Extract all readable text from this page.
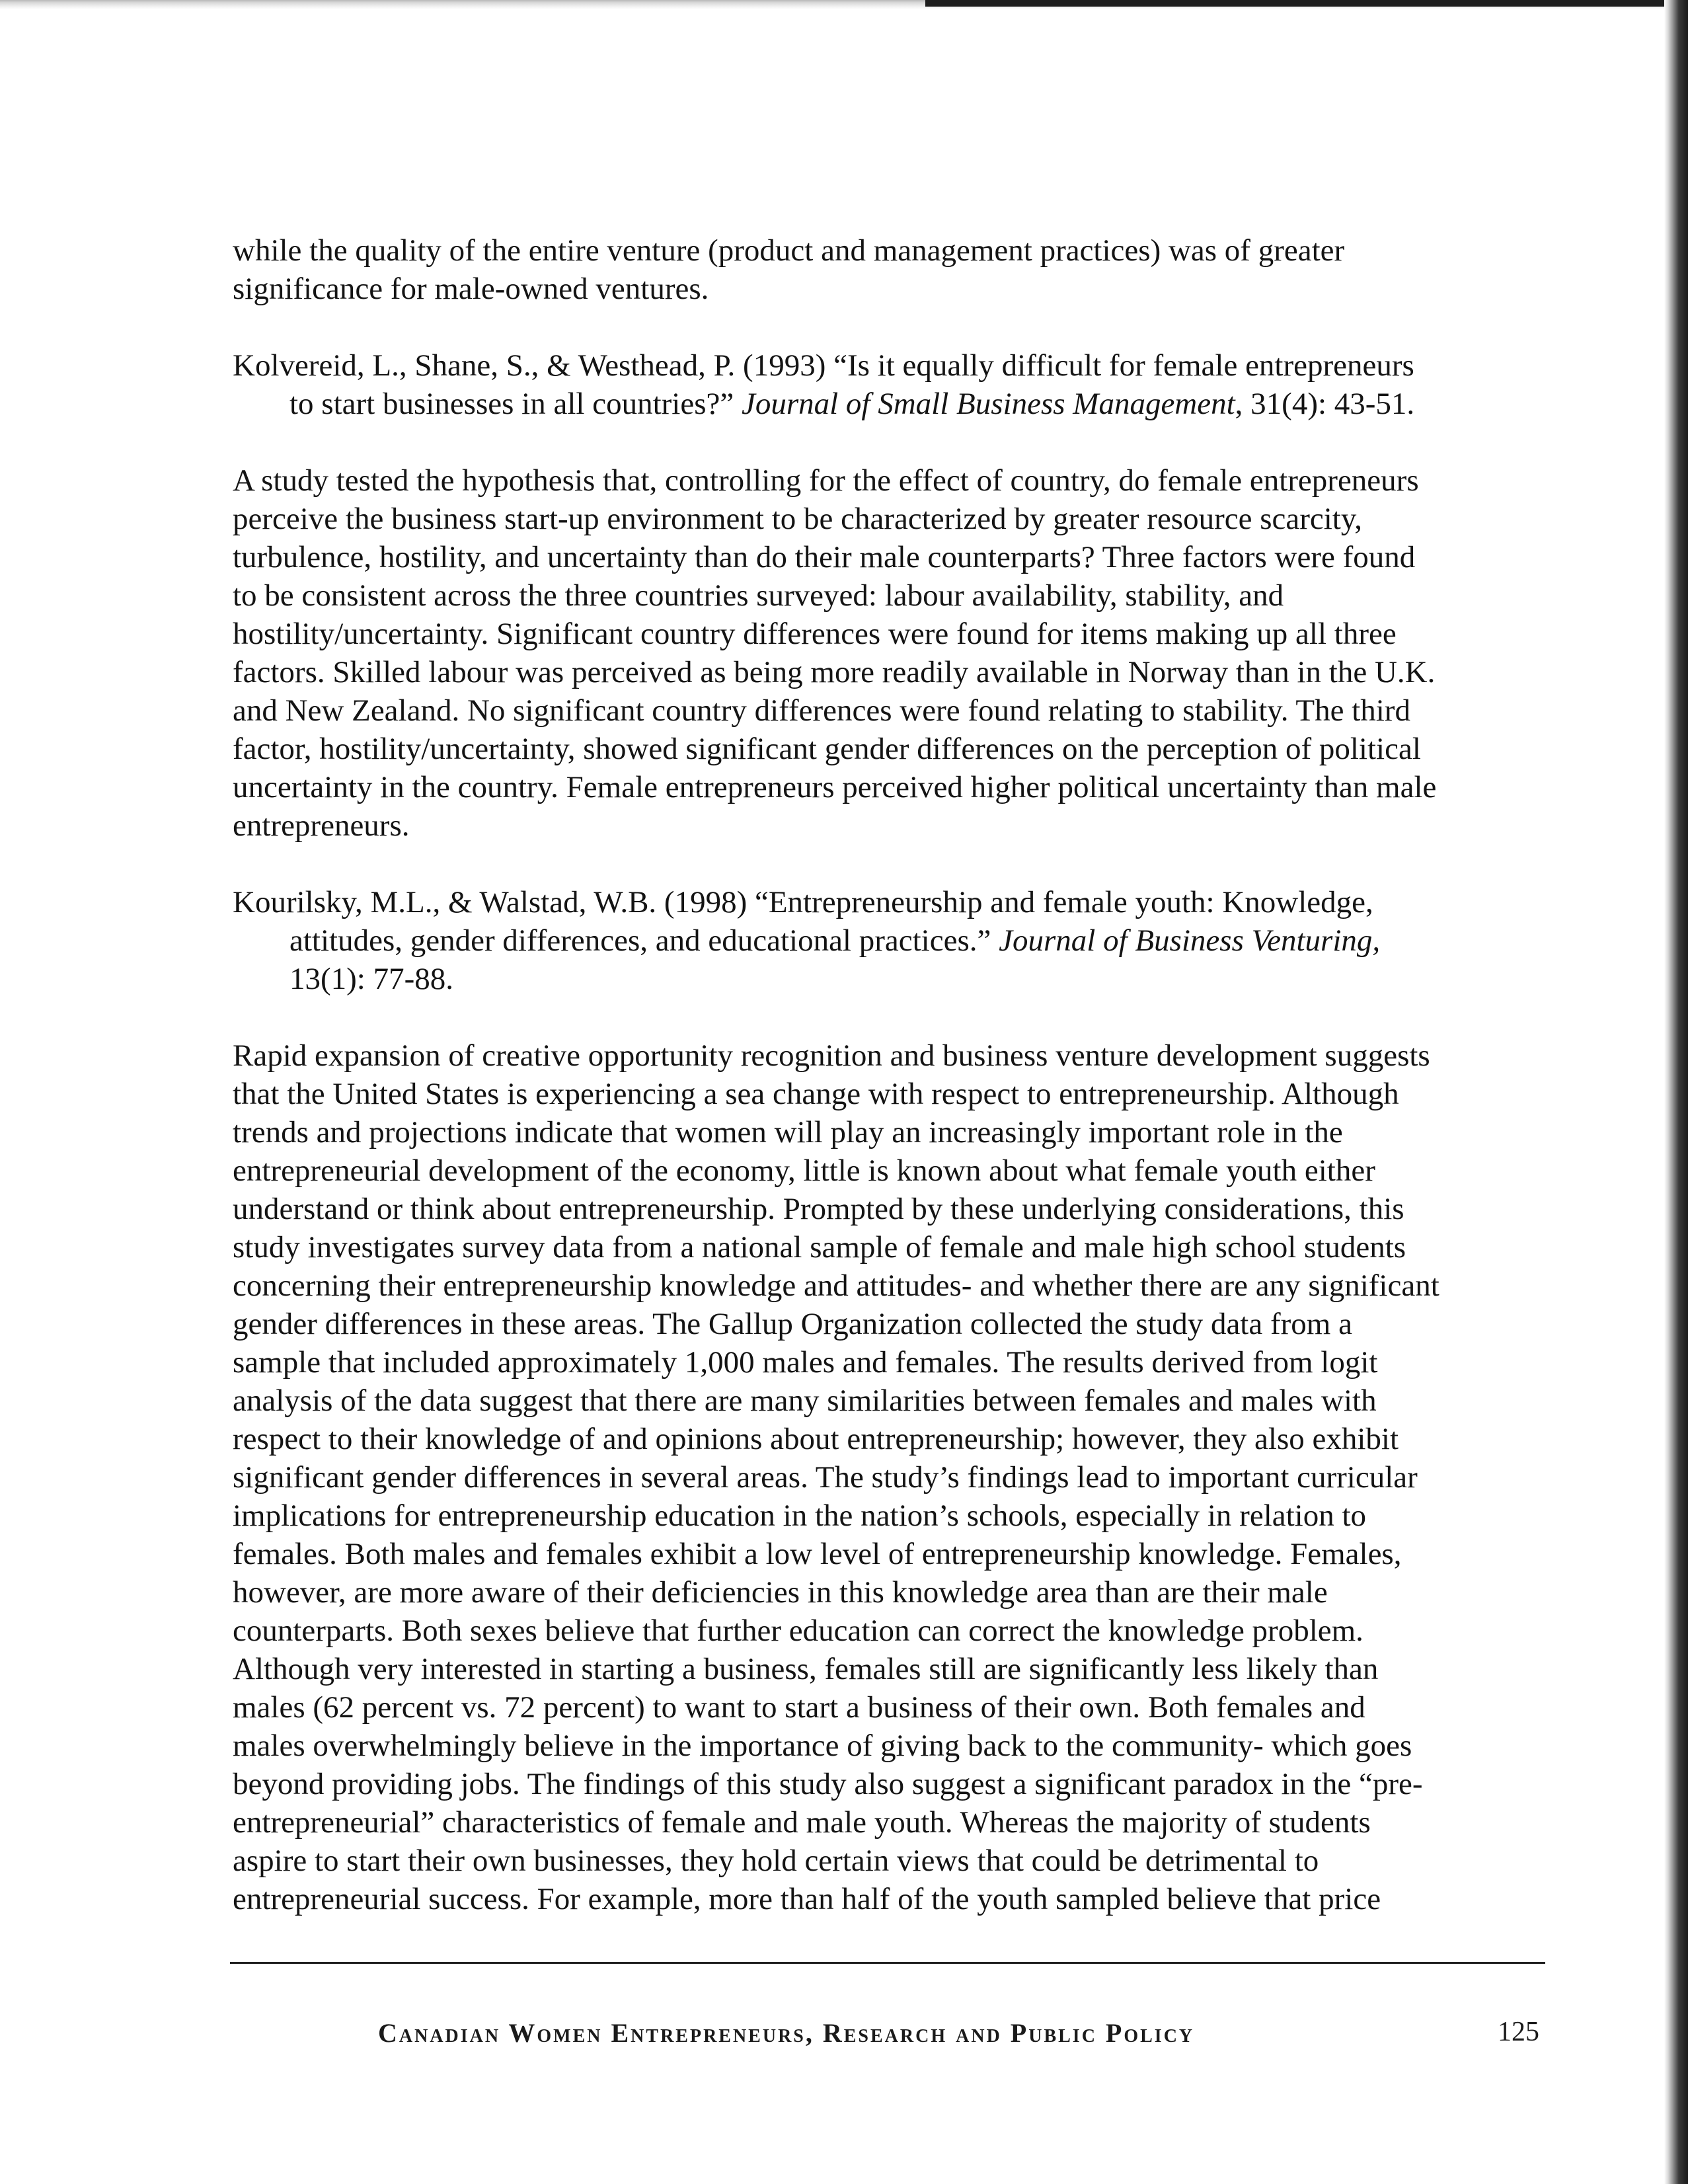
while the quality of the entire venture (product and management practices) was of greater
significance for male-owned ventures.

Kolvereid, L., Shane, S., & Westhead, P. (1993) “Is it equally difficult for female entrepreneurs
to start businesses in all countries?” Journal of Small Business Management, 31(4): 43-51.

A study tested the hypothesis that, controlling for the effect of country, do female entrepreneurs
perceive the business start-up environment to be characterized by greater resource scarcity,
turbulence, hostility, and uncertainty than do their male counterparts? Three factors were found
to be consistent across the three countries surveyed: labour availability, stability, and
hostility/uncertainty. Significant country differences were found for items making up all three
factors. Skilled labour was perceived as being more readily available in Norway than in the U.K.
and New Zealand. No significant country differences were found relating to stability. The third
factor, hostility/uncertainty, showed significant gender differences on the perception of political
uncertainty in the country. Female entrepreneurs perceived higher political uncertainty than male
entrepreneurs.

Kourilsky, M.L., & Walstad, W.B. (1998) “Entrepreneurship and female youth: Knowledge,
attitudes, gender differences, and educational practices.” Journal of Business Venturing,
13(1): 77-88.

Rapid expansion of creative opportunity recognition and business venture development suggests
that the United States is experiencing a sea change with respect to entrepreneurship. Although
trends and projections indicate that women will play an increasingly important role in the
entrepreneurial development of the economy, little is known about what female youth either
understand or think about entrepreneurship. Prompted by these underlying considerations, this
study investigates survey data from a national sample of female and male high school students
concerning their entrepreneurship knowledge and attitudes- and whether there are any significant
gender differences in these areas. The Gallup Organization collected the study data from a
sample that included approximately 1,000 males and females. The results derived from logit
analysis of the data suggest that there are many similarities between females and males with
respect to their knowledge of and opinions about entrepreneurship; however, they also exhibit
significant gender differences in several areas. The study’s findings lead to important curricular
implications for entrepreneurship education in the nation’s schools, especially in relation to
females. Both males and females exhibit a low level of entrepreneurship knowledge. Females,
however, are more aware of their deficiencies in this knowledge area than are their male
counterparts. Both sexes believe that further education can correct the knowledge problem.
Although very interested in starting a business, females still are significantly less likely than
males (62 percent vs. 72 percent) to want to start a business of their own. Both females and
males overwhelmingly believe in the importance of giving back to the community- which goes
beyond providing jobs. The findings of this study also suggest a significant paradox in the “pre-
entrepreneurial” characteristics of female and male youth. Whereas the majority of students
aspire to start their own businesses, they hold certain views that could be detrimental to
entrepreneurial success. For example, more than half of the youth sampled believe that price

Canadian Women Entrepreneurs, Research and Public Policy	125
